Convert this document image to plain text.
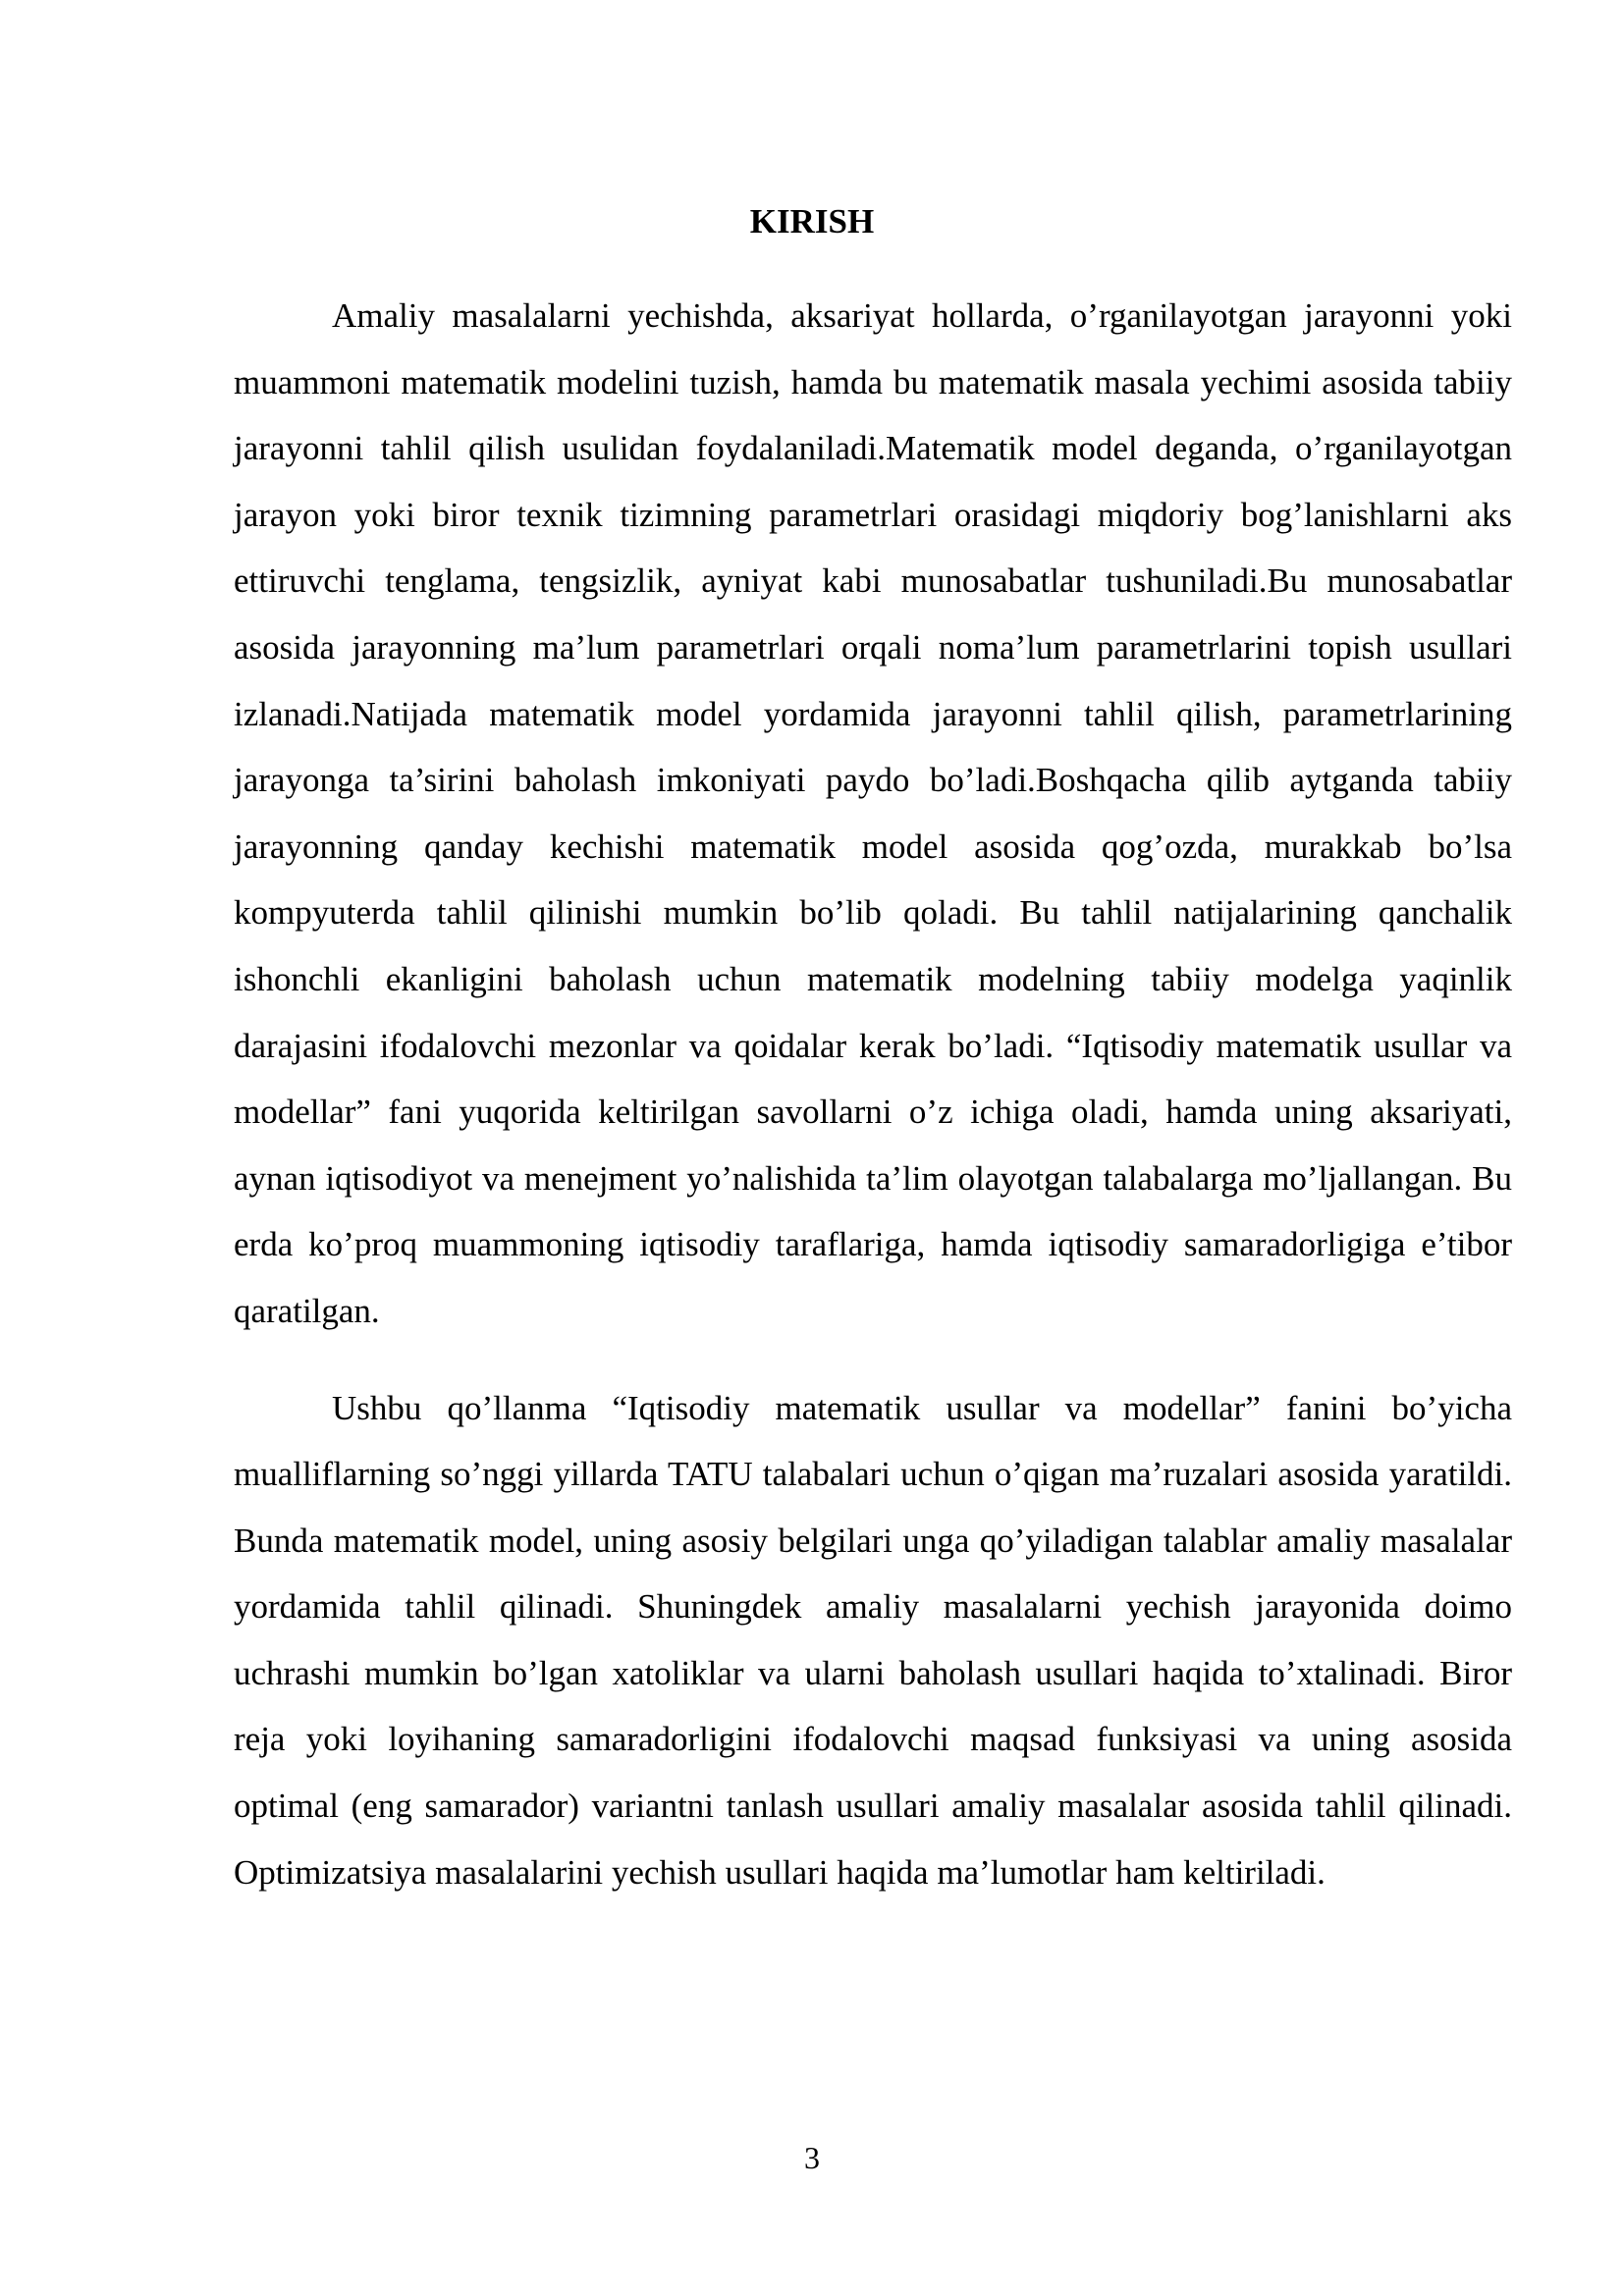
KIRISH

Amaliy masalalarni yechishda, aksariyat hollarda, o’rganilayotgan jarayonni yoki muammoni matematik modelini tuzish, hamda bu matematik masala yechimi asosida tabiiy jarayonni tahlil qilish usulidan foydalaniladi.Matematik model deganda, o’rganilayotgan jarayon yoki biror texnik tizimning parametrlari orasidagi miqdoriy bog’lanishlarni aks ettiruvchi tenglama, tengsizlik, ayniyat kabi munosabatlar tushuniladi.Bu munosabatlar asosida jarayonning ma’lum parametrlari orqali noma’lum parametrlarini topish usullari izlanadi.Natijada matematik model yordamida jarayonni tahlil qilish, parametrlarining jarayonga ta’sirini baholash imkoniyati paydo bo’ladi.Boshqacha qilib aytganda tabiiy jarayonning qanday kechishi matematik model asosida qog’ozda, murakkab bo’lsa kompyuterda tahlil qilinishi mumkin bo’lib qoladi. Bu tahlil natijalarining qanchalik ishonchli ekanligini baholash uchun matematik modelning tabiiy modelga yaqinlik darajasini ifodalovchi mezonlar va qoidalar kerak bo’ladi. “Iqtisodiy matematik usullar va modellar” fani yuqorida keltirilgan savollarni o’z ichiga oladi, hamda uning aksariyati, aynan iqtisodiyot va menejment yo’nalishida ta’lim olayotgan talabalarga mo’ljallangan. Bu erda ko’proq muammoning iqtisodiy taraflariga, hamda iqtisodiy samaradorligiga e’tibor qaratilgan.

Ushbu qo’llanma “Iqtisodiy matematik usullar va modellar” fanini bo’yicha mualliflarning so’nggi yillarda TATU talabalari uchun o’qigan ma’ruzalari asosida yaratildi. Bunda matematik model, uning asosiy belgilari unga qo’yiladigan talablar amaliy masalalar yordamida tahlil qilinadi. Shuningdek amaliy masalalarni yechish jarayonida doimo uchrashi mumkin bo’lgan xatoliklar va ularni baholash usullari haqida to’xtalinadi. Biror reja yoki loyihaning samaradorligini ifodalovchi maqsad funksiyasi va uning asosida optimal (eng samarador) variantni tanlash usullari amaliy masalalar asosida tahlil qilinadi. Optimizatsiya masalalarini yechish usullari haqida ma’lumotlar ham keltiriladi.

3
